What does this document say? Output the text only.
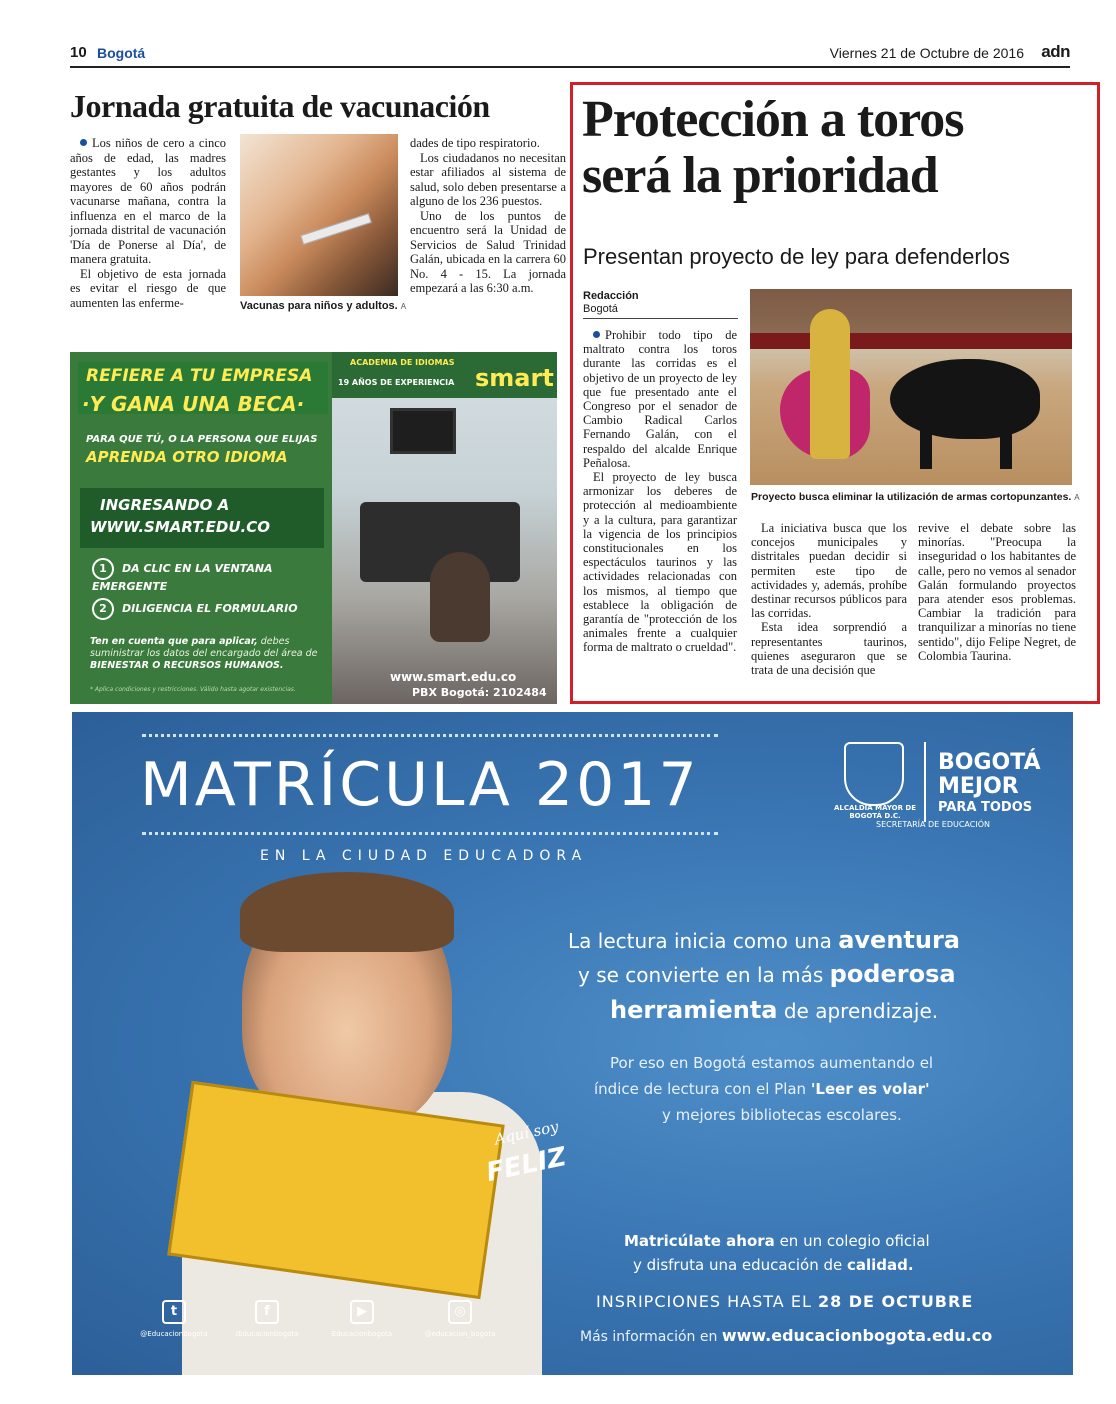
10 Bogotá	Viernes 21 de Octubre de 2016 adn
Jornada gratuita de vacunación

Los niños de cero a cinco años de edad, las madres gestantes y los adultos mayores de 60 años podrán vacunarse mañana, contra la influenza en el marco de la jornada distrital de vacunación 'Día de Ponerse al Día', de manera gratuita.

El objetivo de esta jornada es evitar el riesgo de que aumenten las enferme-	Vacunas para niños y adultos. A

dades de tipo respiratorio.

Los ciudadanos no necesitan estar afiliados al sistema de salud, solo deben presentarse a alguno de los 236 puestos.

Uno de los puntos de encuentro será la Unidad de Servicios de Salud Trinidad Galán, ubicada en la carrera 60 No. 4 - 15. La jornada empezará a las 6:30 a.m.

REFIERE A TU EMPRESA
·Y GANA UNA BECA·
PARA QUE TÚ, O LA PERSONA QUE ELIJAS
APRENDA OTRO IDIOMA
INGRESANDO A
WWW.SMART.EDU.CO
1 DA CLIC EN LA VENTANA EMERGENTE
2 DILIGENCIA EL FORMULARIO
Ten en cuenta que para aplicar, debes suministrar los datos del encargado del área de BIENESTAR O RECURSOS HUMANOS.
* Aplica condiciones y restricciones. Válido hasta agotar existencias.
ACADEMIA DE IDIOMAS
19 AÑOS DE EXPERIENCIA smart
www.smart.edu.co
PBX Bogotá: 2102484
Protección a toros
será la prioridad
Presentan proyecto de ley para defenderlos
Redacción
Bogotá

Prohibir todo tipo de maltrato contra los toros durante las corridas es el objetivo de un proyecto de ley que fue presentado ante el Congreso por el senador de Cambio Radical Carlos Fernando Galán, con el respaldo del alcalde Enrique Peñalosa.

El proyecto de ley busca armonizar los deberes de protección al medioambiente y a la cultura, para garantizar la vigencia de los principios constitucionales en los espectáculos taurinos y las actividades relacionadas con los mismos, al tiempo que establece la obligación de garantía de "protección de los animales frente a cualquier forma de maltrato o crueldad".

Proyecto busca eliminar la utilización de armas cortopunzantes. A

La iniciativa busca que los concejos municipales y distritales puedan decidir si permiten este tipo de actividades y, además, prohíbe destinar recursos públicos para las corridas.

Esta idea sorprendió a representantes taurinos, quienes aseguraron que se trata de una decisión que

revive el debate sobre las minorías. "Preocupa la inseguridad o los habitantes de calle, pero no vemos al senador Galán formulando proyectos para atender esos problemas. Cambiar la tradición para tranquilizar a minorías no tiene sentido", dijo Felipe Negret, de Colombia Taurina.

MATRÍCULA 2017
EN LA CIUDAD EDUCADORA
ALCALDÍA MAYOR DE BOGOTÁ D.C.
BOGOTÁ
MEJOR
PARA TODOS
SECRETARÍA DE EDUCACIÓN
La lectura inicia como una aventura
y se convierte en la más poderosa
herramienta de aprendizaje.
Por eso en Bogotá estamos aumentando el
índice de lectura con el Plan 'Leer es volar'
y mejores bibliotecas escolares.
Aquí soy
FELIZ
Matricúlate ahora en un colegio oficial
y disfruta una educación de calidad.
INSRIPCIONES HASTA EL 28 DE OCTUBRE
Más información en www.educacionbogota.edu.co
t
@Educacionbogota
f
/Educacionbogota
▶
Educacionbogota
◎
@educacion_bogota
